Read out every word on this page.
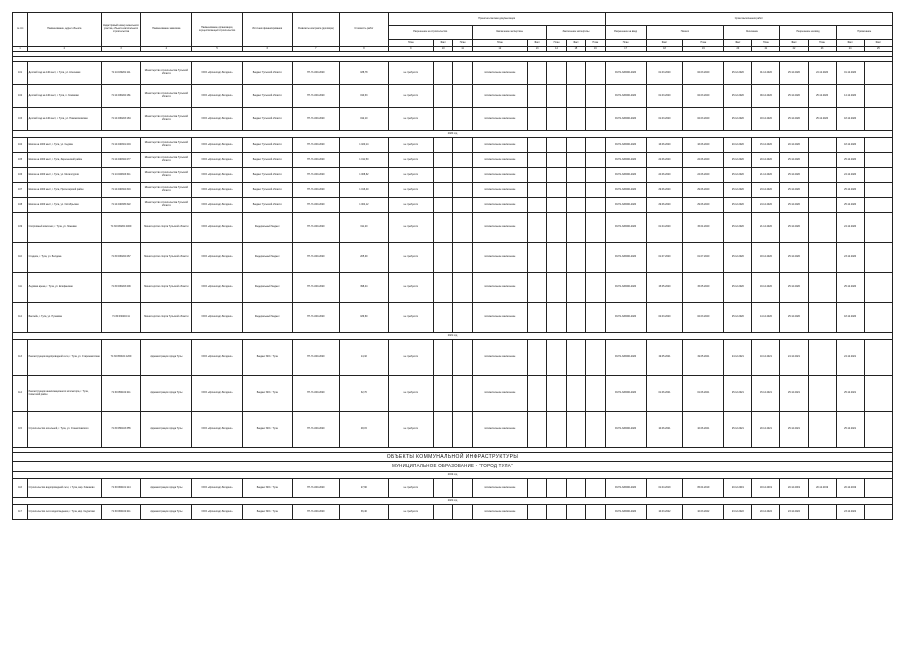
№ п/п	Наименование, адрес объекта	Кадастровый номер земельного участка, объекта капитального строительства	Наименование заказчика	Наименование организации, осуществляющей строительство	Источник финансирования	Реквизиты контракта (договора)	Стоимость работ	Проектно-сметная документация								Сроки выполнения работ								
								Разрешение на строительство			Заключение экспертизы		Заключение экспертизы			Разрешение на ввод	Начало		Окончание		Разрешение на ввод		Примечание	
								План	Факт	План	План	Факт	План	Факт	План	План	Факт	План	Факт	План	Факт	План	Факт	Факт
1	2	3	4	5	6	7	8	9	10	11	12	13	14	15	16	17	18	19	20	21	22	23	24	25

101	Детский сад на 140 мест, г. Тула, ул. Ключевая	71:14:030201:111	Министерство строительства Тульской области	ООО «Кронштадт-Билдинг»	Бюджет Тульской области	ГП-71-000-2020	188,78	не требуется			положительное заключение					RU71-326000-2020	01.03.2020	02.03.2020	25.12.2020	01.12.2020	25.12.2020	24.12.2020	01.12.2020	
102	Детский сад на 140 мест, г. Тула, п. Хомяково	71:14:030202:181	Министерство строительства Тульской области	ООО «Кронштадт-Билдинг»	Бюджет Тульской области	ГП-71-000-2020	190,33	не требуется			положительное заключение					RU71-326000-2020	01.03.2020	02.03.2020	25.12.2020	09.12.2020	25.12.2020	25.12.2020	14.12.2020	
103	Детский сад на 140 мест, г. Тула, ул. Новомосковская	71:14:030203:184	Министерство строительства Тульской области	ООО «Кронштадт-Билдинг»	Бюджет Тульской области	ГП-71-000-2020	192,10	не требуется			положительное заключение					RU71-326000-2020	01.03.2020	02.03.2020	25.12.2020	18.12.2020	25.12.2020	25.12.2020	18.12.2020	
2020 год																								
104	Школа на 1000 мест, г. Тула, ул. Седова	71:14:040301:204	Министерство строительства Тульской области	ООО «Кронштадт-Билдинг»	Бюджет Тульской области	ГП-71-000-2020	1 020,14	не требуется			положительное заключение					RU71-326000-2020	16.06.2020	16.06.2020	20.12.2020	15.12.2020	20.12.2020		18.12.2020	
105	Школа на 1000 мест, г. Тула, Зареченский район	71:14:040302:277	Министерство строительства Тульской области	ООО «Кронштадт-Билдинг»	Бюджет Тульской области	ГП-71-000-2020	1 011,50	не требуется			положительное заключение					RU71-326000-2020	22.06.2020	22.06.2020	25.12.2020	20.12.2020	25.12.2020		25.12.2020	
106	Школа на 1000 мест, г. Тула, ул. Металлургов	71:14:040303:311	Министерство строительства Тульской области	ООО «Кронштадт-Билдинг»	Бюджет Тульской области	ГП-71-000-2020	1 008,62	не требуется			положительное заключение					RU71-326000-2020	24.06.2020	24.06.2020	25.12.2020	21.12.2020	25.12.2020		24.12.2020	
107	Школа на 1000 мест, г. Тула, Пролетарский район	71:14:040304:319	Министерство строительства Тульской области	ООО «Кронштадт-Билдинг»	Бюджет Тульской области	ГП-71-000-2020	1 016,40	не требуется			положительное заключение					RU71-326000-2020	29.06.2020	29.06.2020	25.12.2020	23.12.2020	25.12.2020		25.12.2020	
108	Школа на 1000 мест, г. Тула, ул. Октябрьская	71:14:040305:322	Министерство строительства Тульской области	ООО «Кронштадт-Билдинг»	Бюджет Тульской области	ГП-71-000-2020	1 004,12	не требуется			положительное заключение					RU71-326000-2020	29.06.2020	29.06.2020	25.12.2020	24.12.2020	25.12.2020		25.12.2020	
109	Спортивный комплекс, г. Тула, ул. Ложевая	71:30:030201:4009	Министерство спорта Тульской области	ООО «Кронштадт-Билдинг»	Федеральный бюджет	ГП-71-000-2020	311,20	не требуется			положительное заключение					RU71-326000-2020	01.04.2020	15.04.2020	25.12.2020	21.12.2020	25.12.2020		24.12.2020	
110	Стадион, г. Тула, ул. Болдина	71:30:030202:267	Министерство спорта Тульской области	ООО «Кронштадт-Билдинг»	Федеральный бюджет	ГП-71-000-2020	205,00	не требуется			положительное заключение					RU71-326000-2020	01.07.2020	01.07.2020	25.12.2020	18.12.2020	25.12.2020		23.12.2020	
111	Ледовая арена, г. Тула, ул. Епифанская	71:30:030203:409	Министерство спорта Тульской области	ООО «Кронштадт-Билдинг»	Федеральный бюджет	ГП-71-000-2020	398,44	не требуется			положительное заключение					RU71-326000-2020	15.05.2020	15.05.2020	25.12.2020	19.12.2020	25.12.2020		25.12.2020	
112	Бассейн, г. Тула, ул. Пузакова	71:30:030204:11	Министерство спорта Тульской области	ООО «Кронштадт-Билдинг»	Федеральный бюджет	ГП-71-000-2020	189,60	не требуется			положительное заключение					RU71-326000-2020	02.03.2020	02.03.2020	25.12.2020	14.12.2020	25.12.2020		18.12.2020	
2021 год																								
113	Реконструкция водопроводной сети, г. Тула, ул. Староникитская	71:30:050101:1209	Администрация города Тулы	ООО «Кронштадт-Билдинг»	Бюджет МО г. Тула	ГП-71-000-2020	14,32	не требуется			положительное заключение					RU71-326000-2020	19.05.2021	19.05.2021	24.12.2021	10.12.2021	24.12.2021		24.12.2021	
114	Реконструкция канализационного коллектора, г. Тула, Советский район	71:30:050102:211	Администрация города Тулы	ООО «Кронштадт-Билдинг»	Бюджет МО г. Тула	ГП-71-000-2020	32,70	не требуется			положительное заключение					RU71-326000-2020	01.06.2021	01.06.2021	25.12.2021	15.12.2021	25.12.2021		25.12.2021	
115	Строительство котельной, г. Тула, ул. Станиславского	71:30:050103:355	Администрация города Тулы	ООО «Кронштадт-Билдинг»	Бюджет МО г. Тула	ГП-71-000-2020	48,15	не требуется			положительное заключение					RU71-326000-2020	10.06.2021	10.06.2021	25.12.2021	20.12.2021	25.12.2021		25.12.2021	

ОБЪЕКТЫ КОММУНАЛЬНОЙ ИНФРАСТРУКТУРЫ																								
МУНИЦИПАЛЬНОЕ ОБРАЗОВАНИЕ - "ГОРОД ТУЛА"																								
2019 год																								
116	Строительство водопроводной сети, г. Тула, мкр. Хомяково	71:30:060101:114	Администрация города Тулы	ООО «Кронштадт-Билдинг»	Бюджет МО г. Тула	ГП-71-000-2020	27,90	не требуется			положительное заключение					RU71-326000-2020	01.04.2019	05.04.2019	20.12.2019	18.12.2019	20.12.2019	20.12.2019	20.12.2019	
2022 год																								
117	Строительство сети водоотведения, г. Тула, мкр. Скуратово	71:30:060102:211	Администрация города Тулы	ООО «Кронштадт-Билдинг»	Бюджет МО г. Тула	ГП-71-000-2020	36,40	не требуется			положительное заключение					RU71-326000-2020	10.03.2022	10.03.2022	23.12.2022	20.12.2022	23.12.2022		23.12.2022	
